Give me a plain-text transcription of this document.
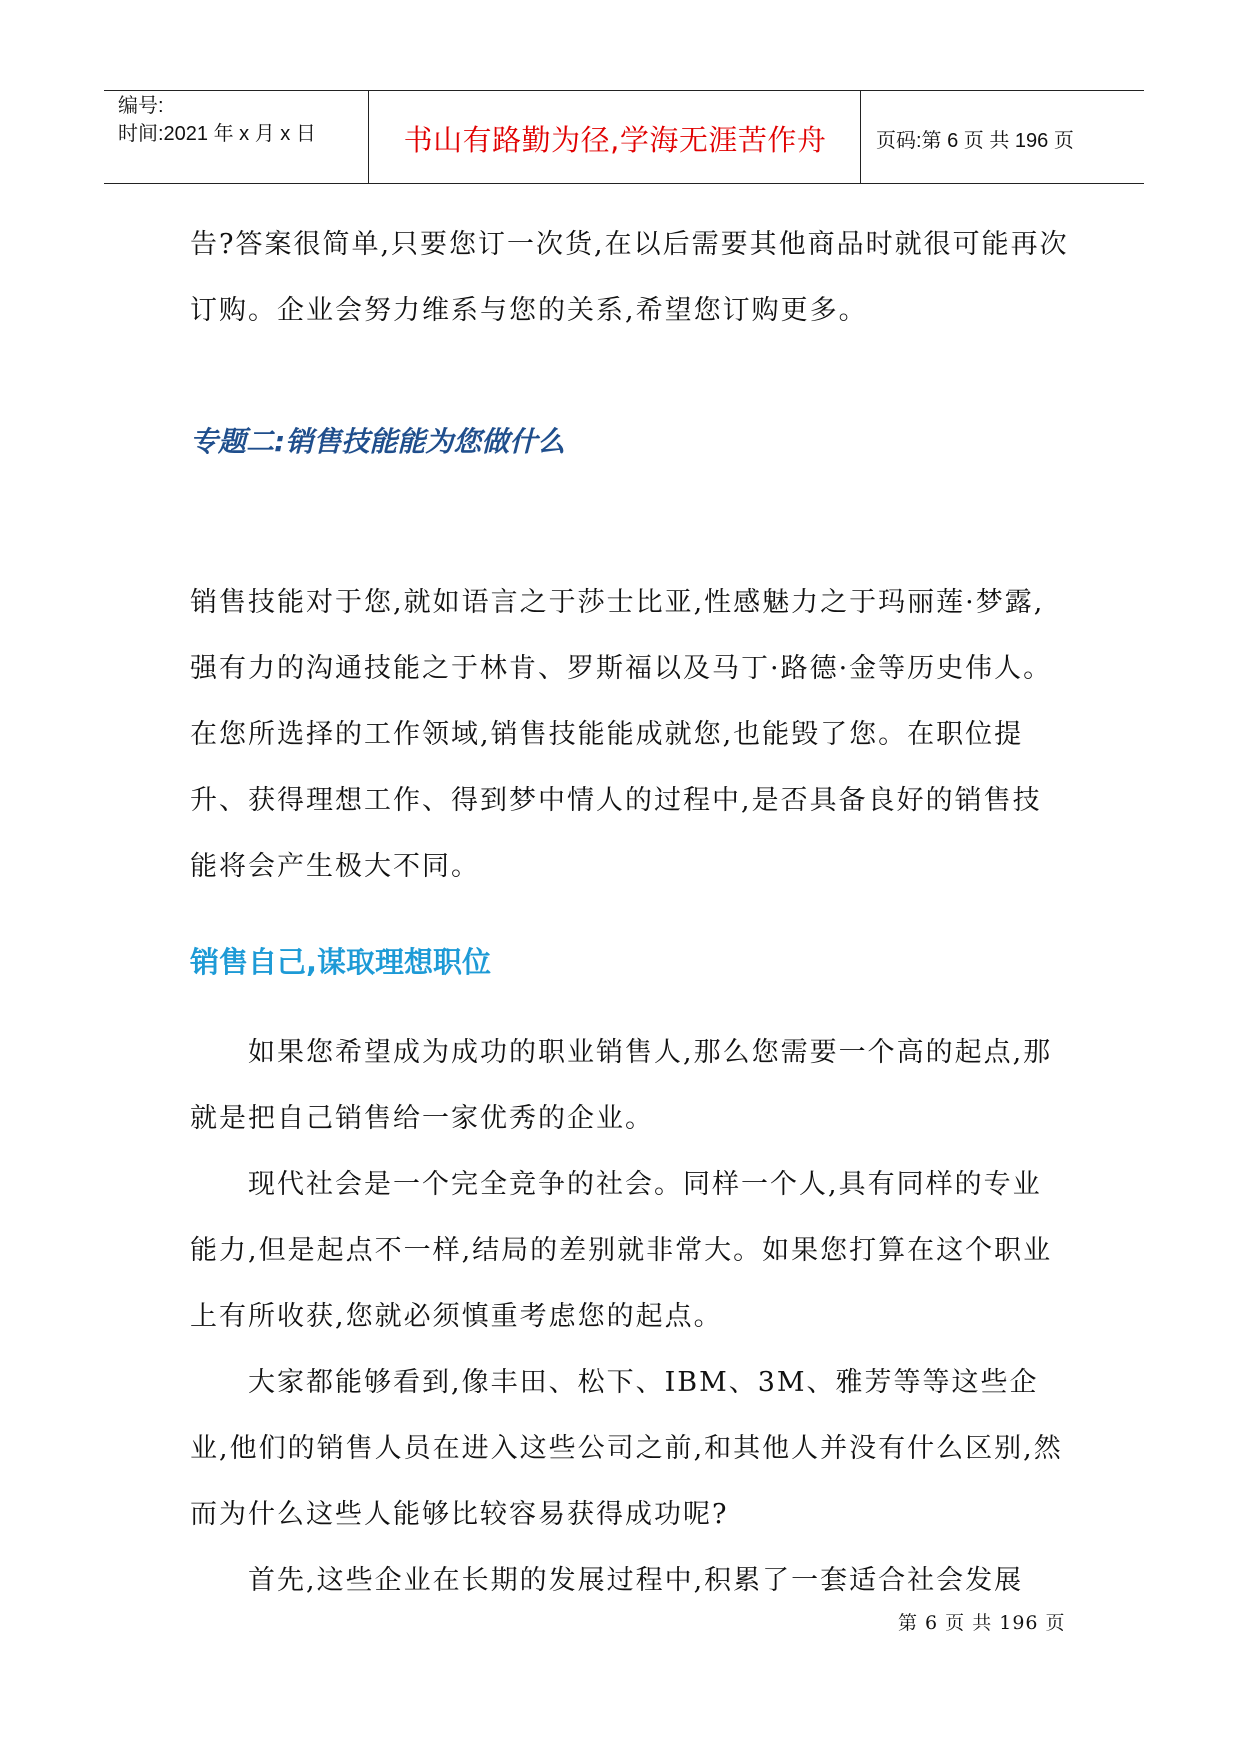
编号:
时间:2021 年 x 月 x 日	书山有路勤为径,学海无涯苦作舟	页码:第 6 页 共 196 页

告?答案很简单,只要您订一次货,在以后需要其他商品时就很可能再次订购。企业会努力维系与您的关系,希望您订购更多。

专题二:销售技能能为您做什么

销售技能对于您,就如语言之于莎士比亚,性感魅力之于玛丽莲·梦露,强有力的沟通技能之于林肯、罗斯福以及马丁·路德·金等历史伟人。在您所选择的工作领域,销售技能能成就您,也能毁了您。在职位提升、获得理想工作、得到梦中情人的过程中,是否具备良好的销售技能将会产生极大不同。

销售自己,谋取理想职位

如果您希望成为成功的职业销售人,那么您需要一个高的起点,那就是把自己销售给一家优秀的企业。

现代社会是一个完全竞争的社会。同样一个人,具有同样的专业能力,但是起点不一样,结局的差别就非常大。如果您打算在这个职业上有所收获,您就必须慎重考虑您的起点。

大家都能够看到,像丰田、松下、IBM、3M、雅芳等等这些企业,他们的销售人员在进入这些公司之前,和其他人并没有什么区别,然而为什么这些人能够比较容易获得成功呢?

首先,这些企业在长期的发展过程中,积累了一套适合社会发展

第 6 页 共 196 页
